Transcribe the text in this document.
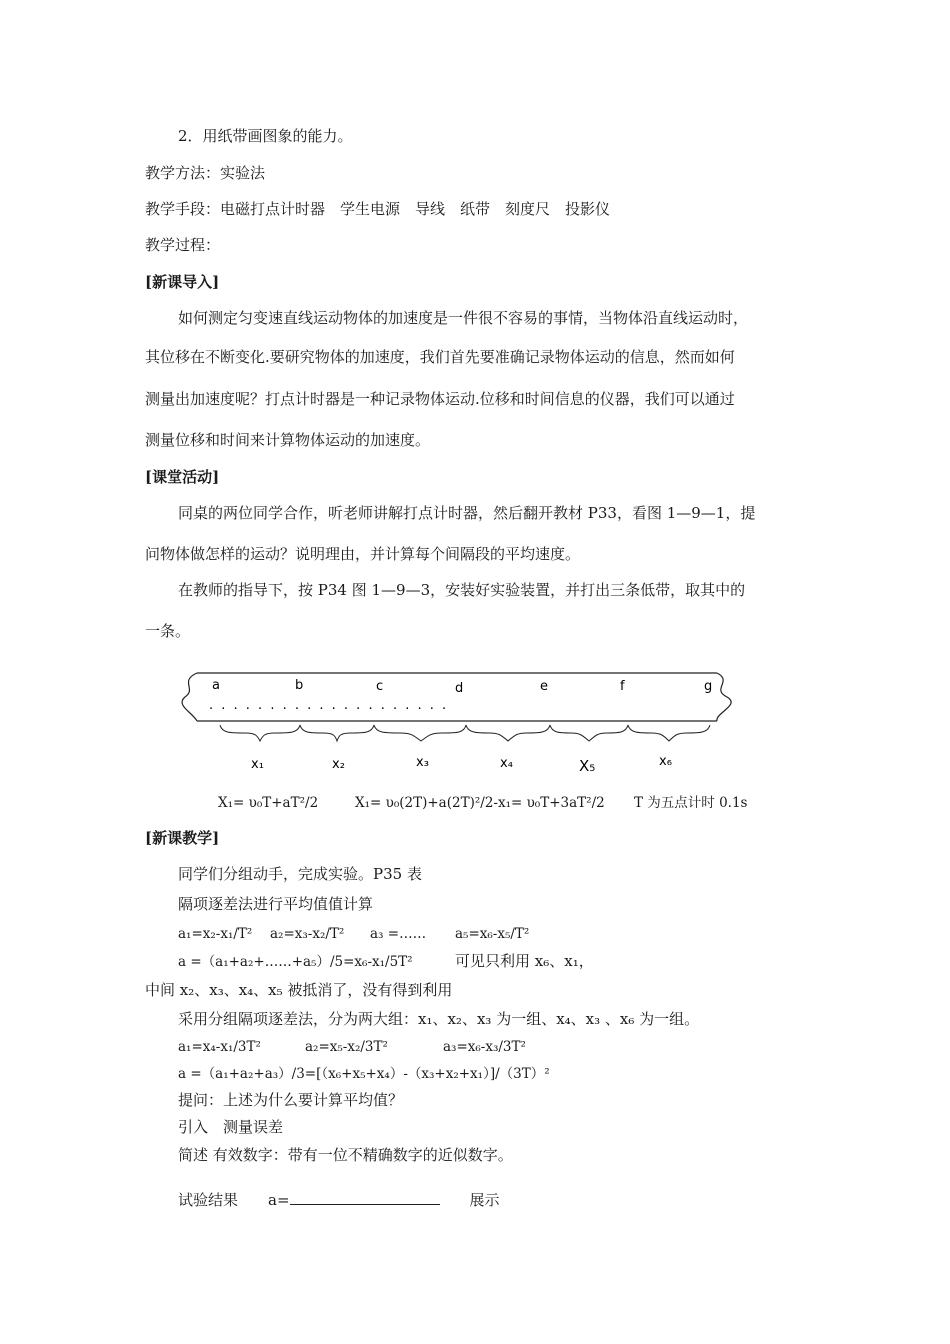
2．用纸带画图象的能力。
教学方法：实验法
教学手段：电磁打点计时器　学生电源　导线　纸带　刻度尺　投影仪
教学过程：
[新课导入]
如何测定匀变速直线运动物体的加速度是一件很不容易的事情，当物体沿直线运动时，
其位移在不断变化.要研究物体的加速度，我们首先要准确记录物体运动的信息，然而如何
测量出加速度呢？打点计时器是一种记录物体运动.位移和时间信息的仪器，我们可以通过
测量位移和时间来计算物体运动的加速度。
[课堂活动]
同桌的两位同学合作，听老师讲解打点计时器，然后翻开教材 P33，看图 1—9—1，提
问物体做怎样的运动？说明理由，并计算每个间隔段的平均速度。
在教师的指导下，按 P34 图 1—9—3，安装好实验装置，并打出三条低带，取其中的
一条。
a	b	c	d	e	f	g
· · · · · · · · · · · · · · · · · · · ·
x₁	x₂	x₃	x₄	X₅	x₆
X₁= υ₀T+aT²/2	X₁= υ₀(2T)+a(2T)²/2-x₁= υ₀T+3aT²/2 T 为五点计时 0.1s
[新课教学]
同学们分组动手，完成实验。P35 表
隔项逐差法进行平均值值计算
a₁=x₂-x₁/T² a₂=x₃-x₂/T² a₃ =…… a₅=x₆-x₅/T²
a =（a₁+a₂+……+a₅）/5=x₆-x₁/5T²	可见只利用 x₆、x₁，
中间 x₂、x₃、x₄、x₅ 被抵消了，没有得到利用
采用分组隔项逐差法，分为两大组：x₁、x₂、x₃ 为一组、x₄、x₃ 、x₆ 为一组。
a₁=x₄-x₁/3T²	a₂=x₅-x₂/3T²	a₃=x₆-x₃/3T²
a =（a₁+a₂+a₃）/3=[（x₆+x₅+x₄）-（x₃+x₂+x₁）]/（3T）²
提问：上述为什么要计算平均值？
引入　测量误差
简述 有效数字：带有一位不精确数字的近似数字。
试验结果　　a=　　	展示
